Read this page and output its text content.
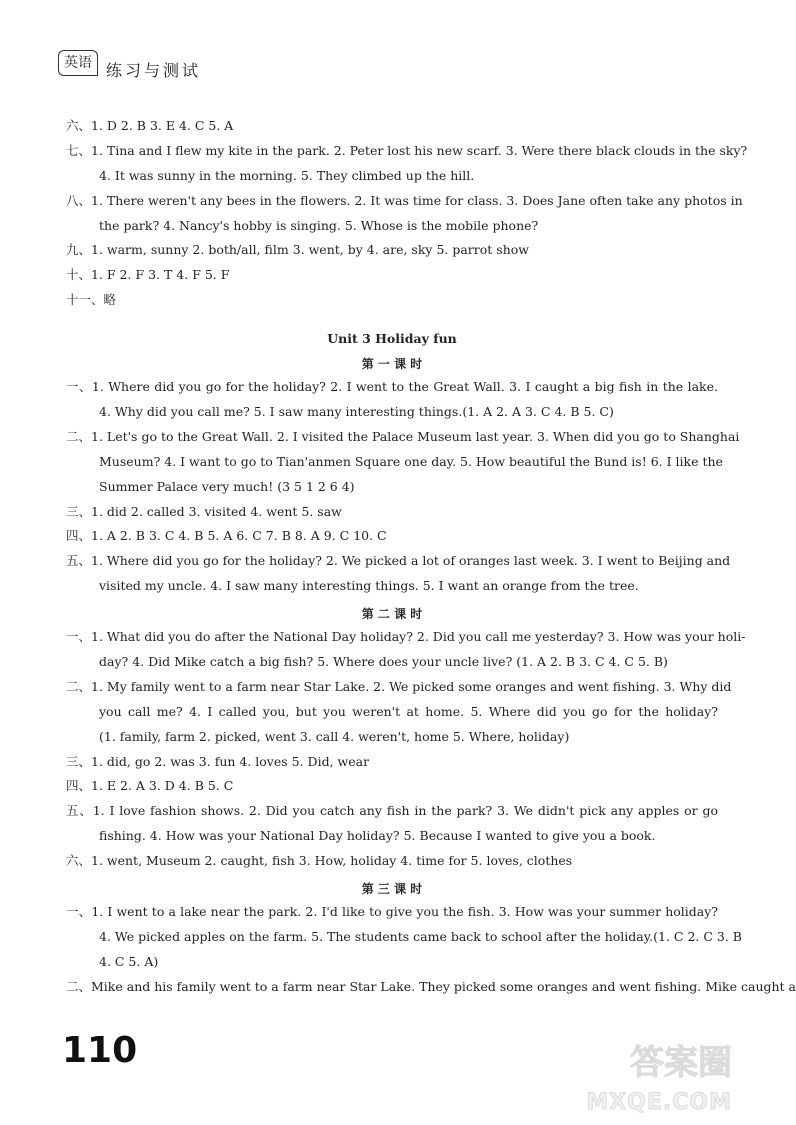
英语 练习与测试
六、1. D 2. B 3. E 4. C 5. A
七、1. Tina and I flew my kite in the park. 2. Peter lost his new scarf. 3. Were there black clouds in the sky?
4. It was sunny in the morning. 5. They climbed up the hill.
八、1. There weren't any bees in the flowers. 2. It was time for class. 3. Does Jane often take any photos in
the park? 4. Nancy's hobby is singing. 5. Whose is the mobile phone?
九、1. warm, sunny 2. both/all, film 3. went, by 4. are, sky 5. parrot show
十、1. F 2. F 3. T 4. F 5. F
十一、略
Unit 3 Holiday fun
第 一 课 时
一、1. Where did you go for the holiday? 2. I went to the Great Wall. 3. I caught a big fish in the lake.
4. Why did you call me? 5. I saw many interesting things.(1. A 2. A 3. C 4. B 5. C)
二、1. Let's go to the Great Wall. 2. I visited the Palace Museum last year. 3. When did you go to Shanghai
Museum? 4. I want to go to Tian'anmen Square one day. 5. How beautiful the Bund is! 6. I like the
Summer Palace very much! (3 5 1 2 6 4)
三、1. did 2. called 3. visited 4. went 5. saw
四、1. A 2. B 3. C 4. B 5. A 6. C 7. B 8. A 9. C 10. C
五、1. Where did you go for the holiday? 2. We picked a lot of oranges last week. 3. I went to Beijing and
visited my uncle. 4. I saw many interesting things. 5. I want an orange from the tree.
第 二 课 时
一、1. What did you do after the National Day holiday? 2. Did you call me yesterday? 3. How was your holi-
day? 4. Did Mike catch a big fish? 5. Where does your uncle live? (1. A 2. B 3. C 4. C 5. B)
二、1. My family went to a farm near Star Lake. 2. We picked some oranges and went fishing. 3. Why did
you call me? 4. I called you, but you weren't at home. 5. Where did you go for the holiday?
(1. family, farm 2. picked, went 3. call 4. weren't, home 5. Where, holiday)
三、1. did, go 2. was 3. fun 4. loves 5. Did, wear
四、1. E 2. A 3. D 4. B 5. C
五、1. I love fashion shows. 2. Did you catch any fish in the park? 3. We didn't pick any apples or go
fishing. 4. How was your National Day holiday? 5. Because I wanted to give you a book.
六、1. went, Museum 2. caught, fish 3. How, holiday 4. time for 5. loves, clothes
第 三 课 时
一、1. I went to a lake near the park. 2. I'd like to give you the fish. 3. How was your summer holiday?
4. We picked apples on the farm. 5. The students came back to school after the holiday.(1. C 2. C 3. B
4. C 5. A)
二、Mike and his family went to a farm near Star Lake. They picked some oranges and went fishing. Mike caught a
110	答案圈
MXQE.COM
